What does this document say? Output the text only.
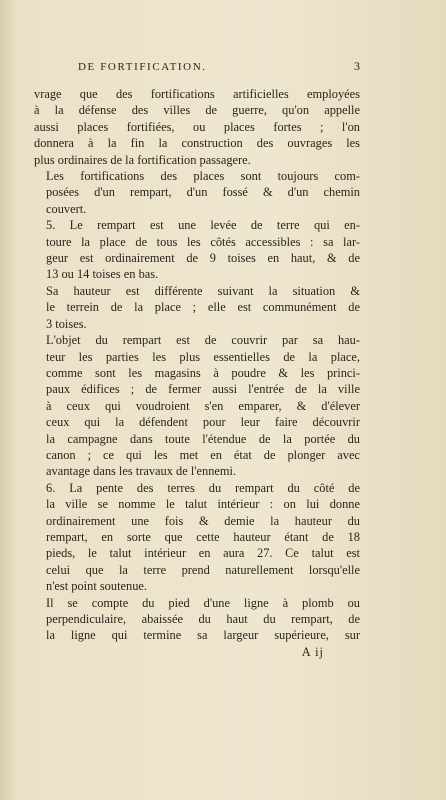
DE FORTIFICATION.	3

vrage que des fortifications artificielles employées
à la défense des villes de guerre, qu'on appelle
aussi places fortifiées, ou places fortes ; l'on
donnera à la fin la construction des ouvrages les
plus ordinaires de la fortification passagere.

Les fortifications des places sont toujours com-
posées d'un rempart, d'un fossé & d'un chemin
couvert.

5. Le rempart est une levée de terre qui en-
toure la place de tous les côtés accessibles : sa lar-
geur est ordinairement de 9 toises en haut, & de
13 ou 14 toises en bas.

Sa hauteur est différente suivant la situation &
le terrein de la place ; elle est communément de
3 toises.

L'objet du rempart est de couvrir par sa hau-
teur les parties les plus essentielles de la place,
comme sont les magasins à poudre & les princi-
paux édifices ; de fermer aussi l'entrée de la ville
à ceux qui voudroient s'en emparer, & d'élever
ceux qui la défendent pour leur faire découvrir
la campagne dans toute l'étendue de la portée du
canon ; ce qui les met en état de plonger avec
avantage dans les travaux de l'ennemi.

6. La pente des terres du rempart du côté de
la ville se nomme le talut intérieur : on lui donne
ordinairement une fois & demie la hauteur du
rempart, en sorte que cette hauteur étant de 18
pieds, le talut intérieur en aura 27. Ce talut est
celui que la terre prend naturellement lorsqu'elle
n'est point soutenue.

Il se compte du pied d'une ligne à plomb ou
perpendiculaire, abaissée du haut du rempart, de
la ligne qui termine sa largeur supérieure, sur

A ij
